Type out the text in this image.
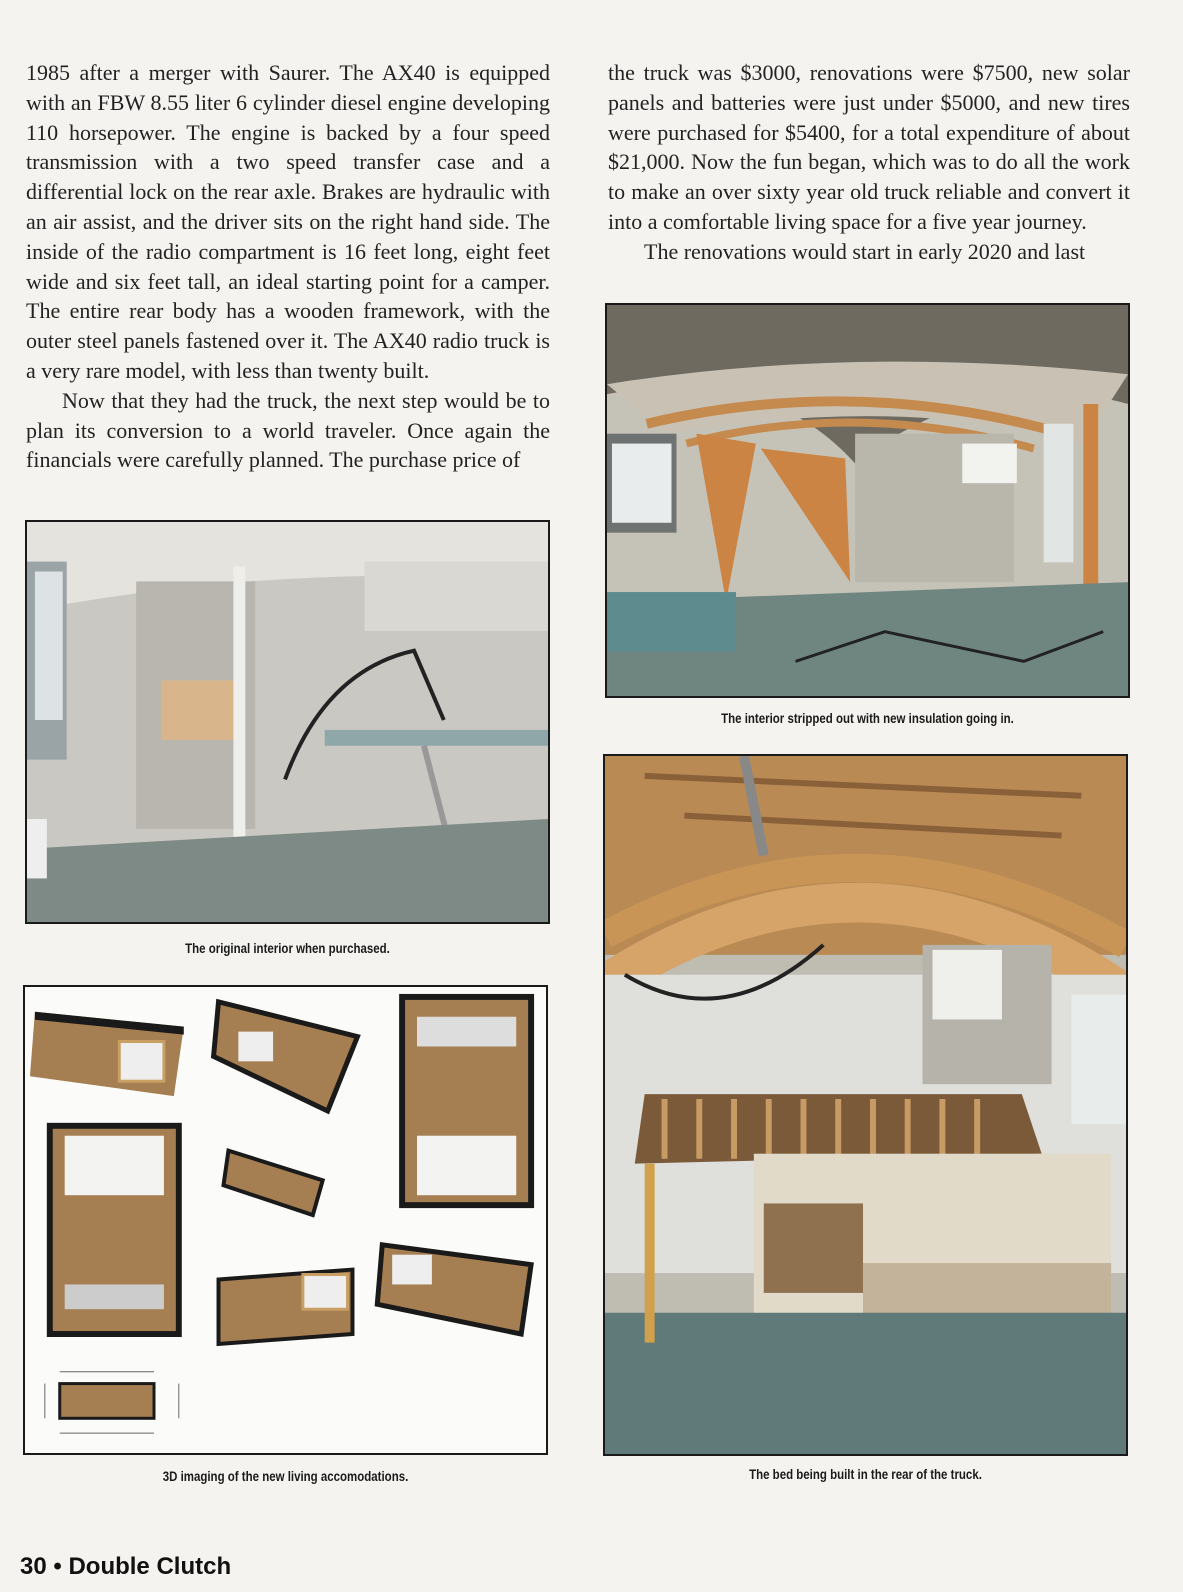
1985 after a merger with Saurer. The AX40 is equipped with an FBW 8.55 liter 6 cylinder diesel engine developing 110 horsepower. The engine is backed by a four speed transmission with a two speed transfer case and a differential lock on the rear axle. Brakes are hydraulic with an air assist, and the driver sits on the right hand side. The inside of the radio compartment is 16 feet long, eight feet wide and six feet tall, an ideal starting point for a camper. The entire rear body has a wooden framework, with the outer steel panels fastened over it. The AX40 radio truck is a very rare model, with less than twenty built.

Now that they had the truck, the next step would be to plan its conversion to a world traveler. Once again the financials were carefully planned. The purchase price of

the truck was $3000, renovations were $7500, new solar panels and batteries were just under $5000, and new tires were purchased for $5400, for a total expenditure of about $21,000. Now the fun began, which was to do all the work to make an over sixty year old truck reliable and convert it into a comfortable living space for a five year journey.

The renovations would start in early 2020 and last

The original interior when purchased.
3D imaging of the new living accomodations.
The interior stripped out with new insulation going in.
The bed being built in the rear of the truck.
30 • Double Clutch
